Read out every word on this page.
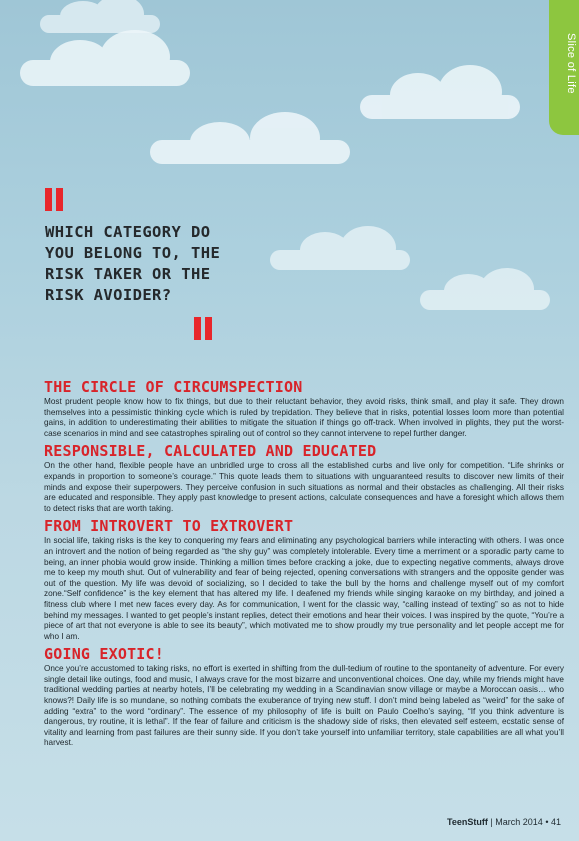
Slice of Life

WHICH CATEGORY DO YOU BELONG TO, THE RISK TAKER OR THE RISK AVOIDER?

THE CIRCLE OF CIRCUMSPECTION

Most prudent people know how to fix things, but due to their reluctant behavior, they avoid risks, think small, and play it safe. They drown themselves into a pessimistic thinking cycle which is ruled by trepidation. They believe that in risks, potential losses loom more than potential gains, in addition to underestimating their abilities to mitigate the situation if things go off-track. When involved in plights, they put the worst-case scenarios in mind and see catastrophes spiraling out of control so they cannot intervene to repel further danger.

RESPONSIBLE, CALCULATED AND EDUCATED

On the other hand, flexible people have an unbridled urge to cross all the established curbs and live only for competition. “Life shrinks or expands in proportion to someone’s courage.” This quote leads them to situations with unguaranteed results to discover new limits of their minds and expose their superpowers. They perceive confusion in such situations as normal and their obstacles as challenging. All their risks are educated and responsible. They apply past knowledge to present actions, calculate consequences and have a foresight which allows them to detect risks that are worth taking.

FROM INTROVERT TO EXTROVERT

In social life, taking risks is the key to conquering my fears and eliminating any psychological barriers while interacting with others. I was once an introvert and the notion of being regarded as “the shy guy” was completely intolerable. Every time a merriment or a sporadic party came to being, an inner phobia would grow inside. Thinking a million times before cracking a joke, due to expecting negative comments, always drove me to keep my mouth shut. Out of vulnerability and fear of being rejected, opening conversations with strangers and the opposite gender was out of the question. My life was devoid of socializing, so I decided to take the bull by the horns and challenge myself out of my comfort zone.“Self confidence” is the key element that has altered my life. I deafened my friends while singing karaoke on my birthday, and joined a fitness club where I met new faces every day. As for communication, I went for the classic way, “calling instead of texting” so as not to hide behind my messages. I wanted to get people’s instant replies, detect their emotions and hear their voices. I was inspired by the quote, “You’re a piece of art that not everyone is able to see its beauty”, which motivated me to show proudly my true personality and let people accept me for who I am.

GOING EXOTIC!

Once you’re accustomed to taking risks, no effort is exerted in shifting from the dull-tedium of routine to the spontaneity of adventure. For every single detail like outings, food and music, I always crave for the most bizarre and unconventional choices. One day, while my friends might have traditional wedding parties at nearby hotels, I’ll be celebrating my wedding in a Scandinavian snow village or maybe a Moroccan oasis… who knows?! Daily life is so mundane, so nothing combats the exuberance of trying new stuff. I don’t mind being labeled as “weird” for the sake of adding “extra” to the word “ordinary”. The essence of my philosophy of life is built on Paulo Coelho’s saying, “If you think adventure is dangerous, try routine, it is lethal”. If the fear of failure and criticism is the shadowy side of risks, then elevated self esteem, ecstatic sense of vitality and learning from past failures are their sunny side. If you don’t take yourself into unfamiliar territory, stale capabilities are all what you’ll harvest.

TeenStuff | March 2014 • 41
